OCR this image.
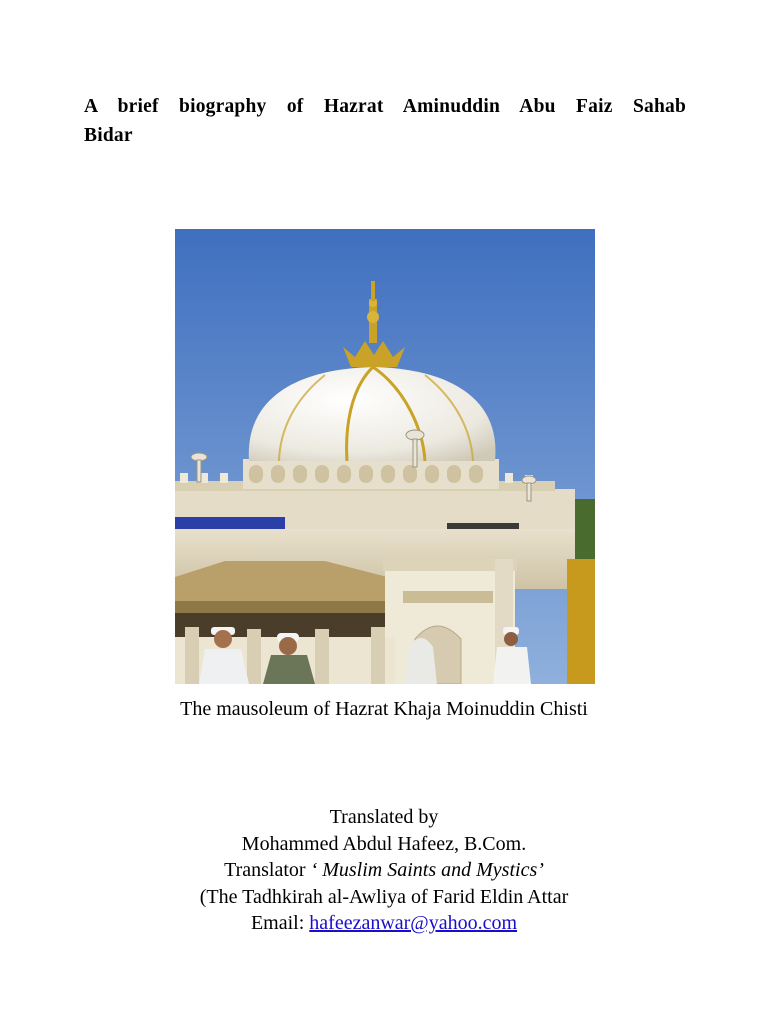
A brief biography of Hazrat Aminuddin Abu Faiz Sahab
Bidar
The mausoleum of Hazrat Khaja Moinuddin Chisti
Translated by
Mohammed Abdul Hafeez, B.Com.
Translator ‘ Muslim Saints and Mystics’
(The Tadhkirah al-Awliya of Farid Eldin Attar
Email: hafeezanwar@yahoo.com
